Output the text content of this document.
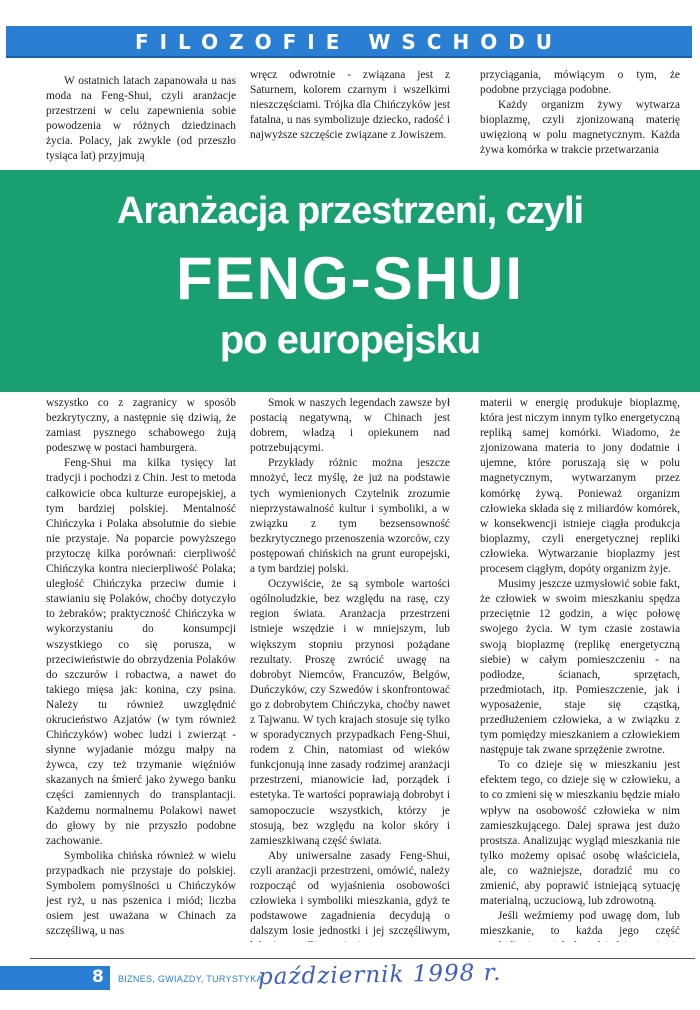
FILOZOFIE WSCHODU

W ostatnich latach zapanowała u nas moda na Feng-Shui, czyli aranżacje przestrzeni w celu zapewnienia sobie powodzenia w różnych dziedzinach życia. Polacy, jak zwykle (od przeszło tysiąca lat) przyjmują

wręcz odwrotnie - związana jest z Saturnem, kolorem czarnym i wszelkimi nieszczęściami. Trójka dla Chińczyków jest fatalna, u nas symbolizuje dziecko, radość i najwyższe szczęście związane z Jowiszem.

przyciągania, mówiącym o tym, że podobne przyciąga podobne.

Każdy organizm żywy wytwarza bioplazmę, czyli zjonizowaną materię uwięzioną w polu magnetycznym. Każda żywa komórka w trakcie przetwarzania

Aranżacja przestrzeni, czyli
FENG-SHUI
po europejsku

wszystko co z zagranicy w sposób bezkrytyczny, a następnie się dziwią, że zamiast pysznego schabowego żują podeszwę w postaci hamburgera.

Feng-Shui ma kilka tysięcy lat tradycji i pochodzi z Chin. Jest to metoda całkowicie obca kulturze europejskiej, a tym bardziej polskiej. Mentalność Chińczyka i Polaka absolutnie do siebie nie przystaje. Na poparcie powyższego przytoczę kilka porównań: cierpliwość Chińczyka kontra niecierpliwość Polaka; uległość Chińczyka przeciw dumie i stawianiu się Polaków, choćby dotyczyło to żebraków; praktyczność Chińczyka w wykorzystaniu do konsumpcji wszystkiego co się porusza, w przeciwieństwie do obrzydzenia Polaków do szczurów i robactwa, a nawet do takiego mięsa jak: konina, czy psina. Należy tu również uwzględnić okrucieństwo Azjatów (w tym również Chińczyków) wobec ludzi i zwierząt - słynne wyjadanie mózgu małpy na żywca, czy też trzymanie więźniów skazanych na śmierć jako żywego banku części zamiennych do transplantacji. Każdemu normalnemu Polakowi nawet do głowy by nie przyszło podobne zachowanie.

Symbolika chińska również w wielu przypadkach nie przystaje do polskiej. Symbolem pomyślności u Chińczyków jest ryż, u nas pszenica i miód; liczba osiem jest uważana w Chinach za szczęśliwą, u nas

Smok w naszych legendach zawsze był postacią negatywną, w Chinach jest dobrem, władzą i opiekunem nad potrzebującymi.

Przykłady różnic można jeszcze mnożyć, lecz myślę, że już na podstawie tych wymienionych Czytelnik zrozumie nieprzystawalność kultur i symboliki, a w związku z tym bezsensowność bezkrytycznego przenoszenia wzorców, czy postępowań chińskich na grunt europejski, a tym bardziej polski.

Oczywiście, że są symbole wartości ogólnoludzkie, bez względu na rasę, czy region świata. Aranżacja przestrzeni istnieje wszędzie i w mniejszym, lub większym stopniu przynosi pożądane rezultaty. Proszę zwrócić uwagę na dobrobyt Niemców, Francuzów, Belgów, Duńczyków, czy Szwedów i skonfrontować go z dobrobytem Chińczyka, choćby nawet z Tajwanu. W tych krajach stosuje się tylko w sporadycznych przypadkach Feng-Shui, rodem z Chin, natomiast od wieków funkcjonują inne zasady rodzimej aranżacji przestrzeni, mianowicie ład, porządek i estetyka. Te wartości poprawiają dobrobyt i samopoczucie wszystkich, którzy je stosują, bez względu na kolor skóry i zamieszkiwaną część świata.

Aby uniwersalne zasady Feng-Shui, czyli aranżacji przestrzeni, omówić, należy rozpocząć od wyjaśnienia osobowości człowieka i symboliki mieszkania, gdyż te podstawowe zagadnienia decydują o dalszym losie jednostki i jej szczęśliwym,

materii w energię produkuje bioplazmę, która jest niczym innym tylko energetyczną repliką samej komórki. Wiadomo, że zjonizowana materia to jony dodatnie i ujemne, które poruszają się w polu magnetycznym, wytwarzanym przez komórkę żywą. Ponieważ organizm człowieka składa się z miliardów komórek, w konsekwencji istnieje ciągła produkcja bioplazmy, czyli energetycznej repliki człowieka. Wytwarzanie bioplazmy jest procesem ciągłym, dopóty organizm żyje.

Musimy jeszcze uzmysłowić sobie fakt, że człowiek w swoim mieszkaniu spędza przeciętnie 12 godzin, a więc połowę swojego życia. W tym czasie zostawia swoją bioplazmę (replikę energetyczną siebie) w całym pomieszczeniu - na podłodze, ścianach, sprzętach, przedmiotach, itp. Pomieszczenie, jak i wyposażenie, staje się cząstką, przedłużeniem człowieka, a w związku z tym pomiędzy mieszkaniem a człowiekiem następuje tak zwane sprzężenie zwrotne.

To co dzieje się w mieszkaniu jest efektem tego, co dzieje się w człowieku, a to co zmieni się w mieszkaniu będzie miało wpływ na osobowość człowieka w nim zamieszkującego. Dalej sprawa jest dużo prostsza. Analizując wygląd mieszkania nie tylko możemy opisać osobę właściciela, ale, co ważniejsze, doradzić mu co zmienić, aby poprawić istniejącą sytuację materialną, uczuciową, lub zdrowotną.

Jeśli weźmiemy pod uwagę dom, lub mieszkanie, to każda jego część

8 BIZNES, GWIAZDY, TURYSTYKA
październik 1998 r.
